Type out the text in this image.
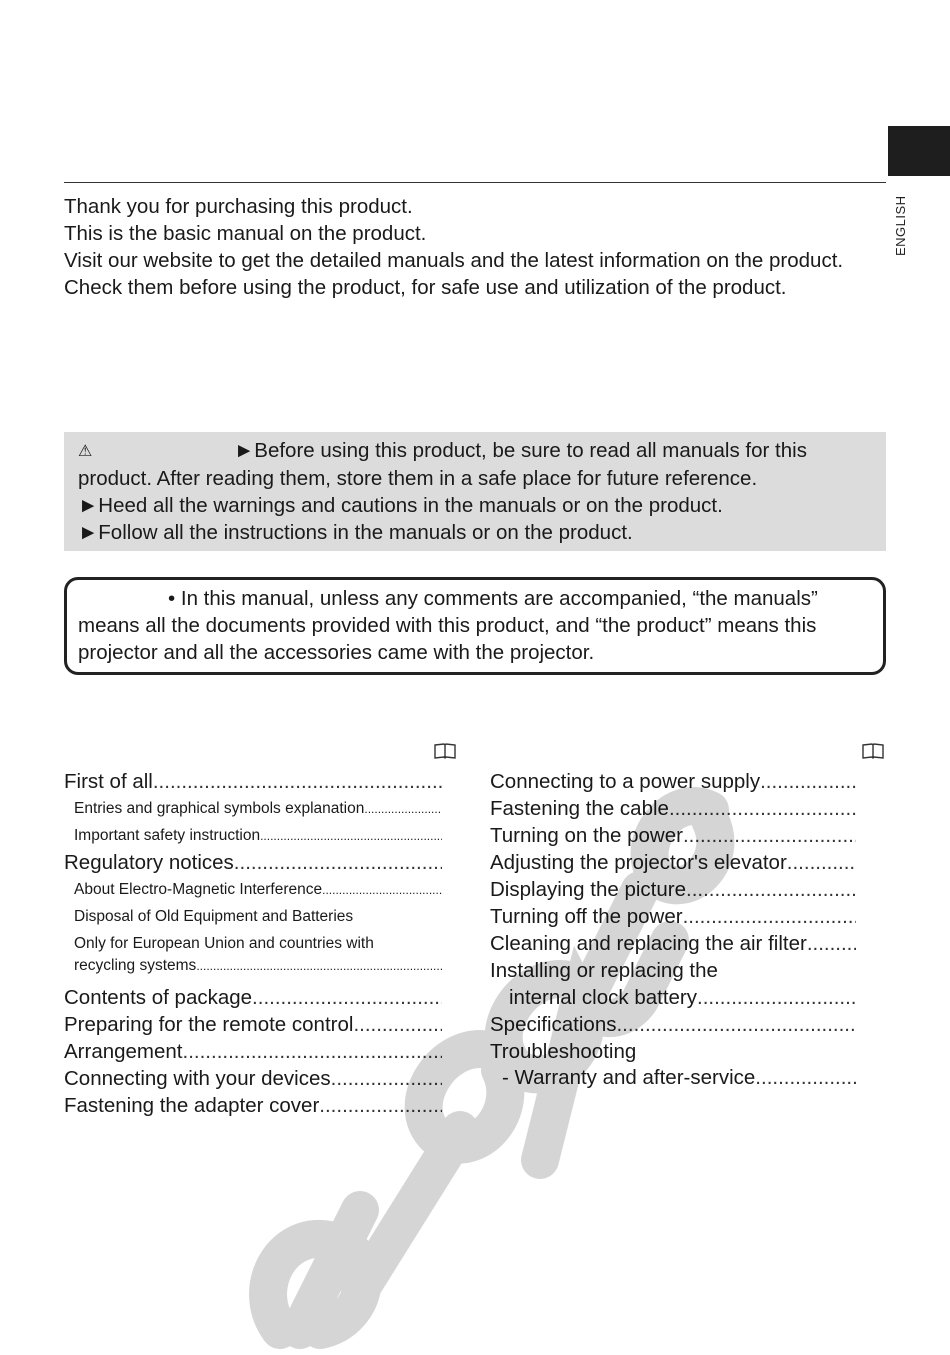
ENGLISH

Thank you for purchasing this product.

This is the basic manual on the product.

Visit our website to get the detailed manuals and the latest information on the product. Check them before using the product, for safe use and utilization of the product.

⚠	►Before using this product, be sure to read all manuals for this product. After reading them, store them in a safe place for future reference.

►Heed all the warnings and cautions in the manuals or on the product.

►Follow all the instructions in the manuals or on the product.

• In this manual, unless any comments are accompanied, “the manuals” means all the documents provided with this product, and “the product” means this projector and all the accessories came with the projector.

First of all
.....
Entries and graphical symbols explanation
.....
Important safety instruction
.....
Regulatory notices
.....
About Electro-Magnetic Interference
.....
Disposal of Old Equipment and Batteries
Only for European Union and countries with
recycling systems
.....
Contents of package
.....
Preparing for the remote control
.....
Arrangement
.....
Connecting with your devices
.....
Fastening the adapter cover
.....
Connecting to a power supply
.....
Fastening the cable
.....
Turning on the power
.....
Adjusting the projector's elevator
.....
Displaying the picture
.....
Turning off the power
.....
Cleaning and replacing the air filter
.....
Installing or replacing the
internal clock battery
.....
Specifications
.....
Troubleshooting
- Warranty and after-service
.....
